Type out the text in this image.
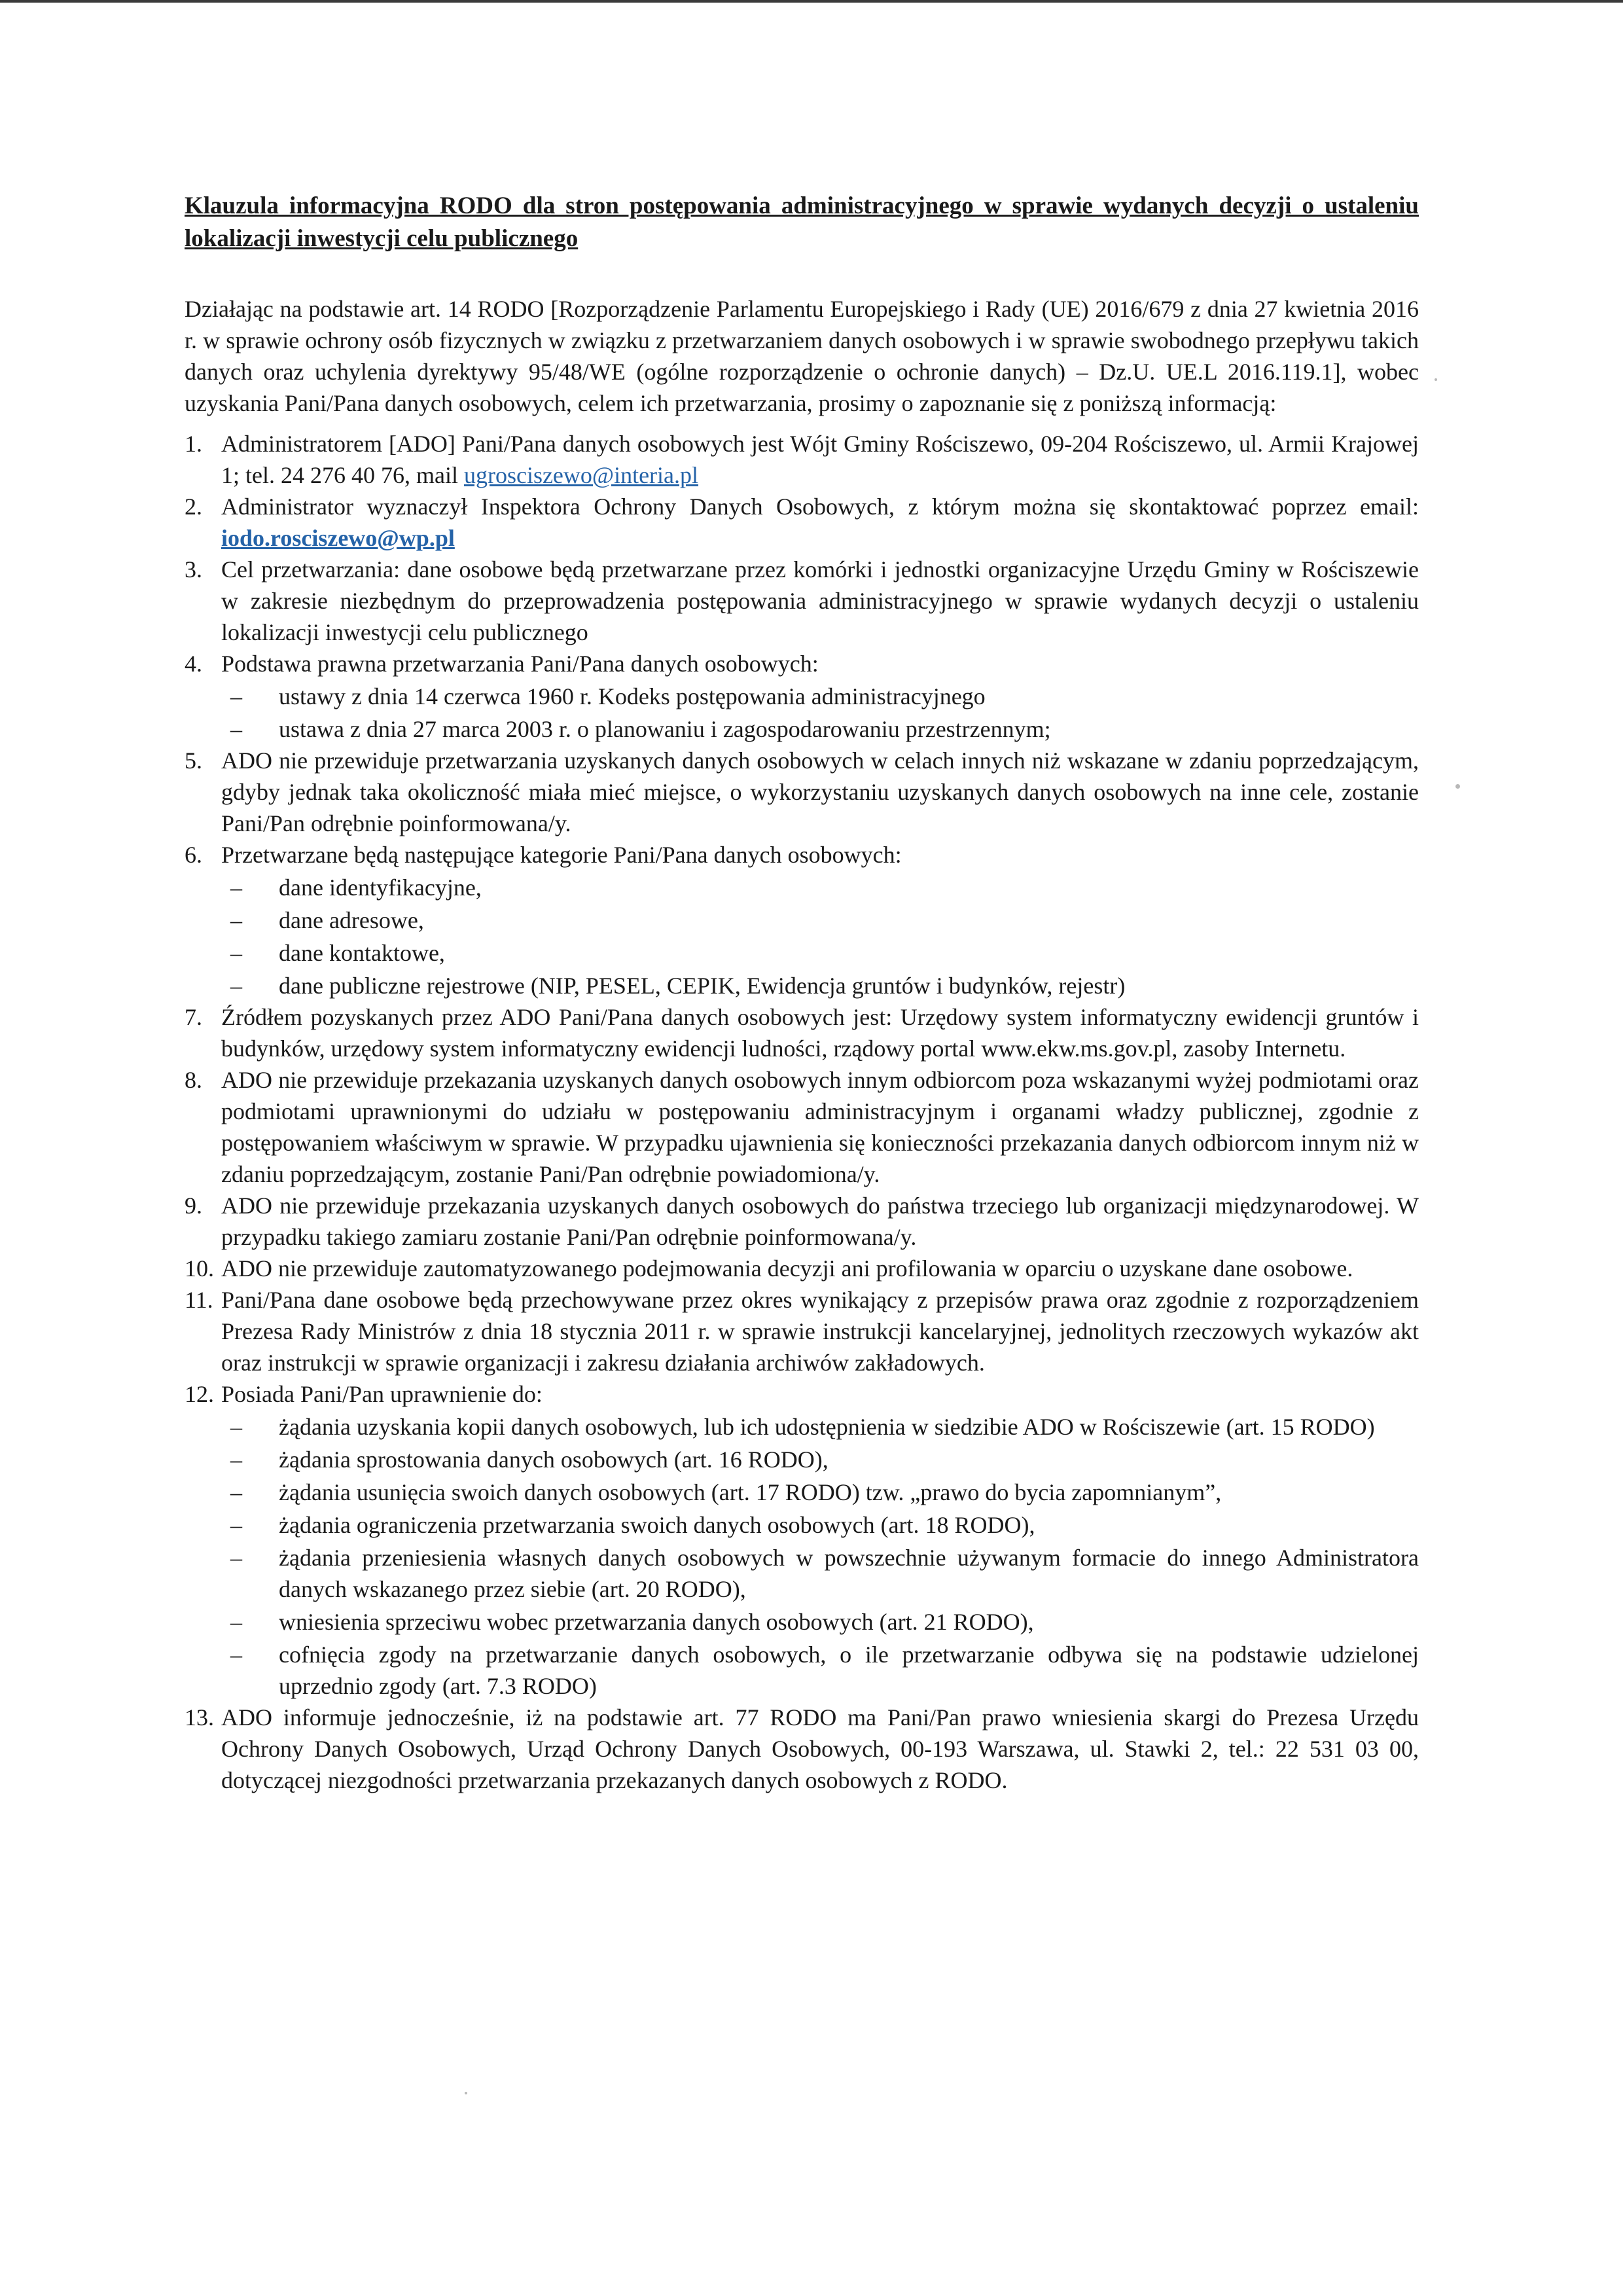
Klauzula informacyjna RODO dla stron postępowania administracyjnego w sprawie wydanych decyzji o ustaleniu lokalizacji inwestycji celu publicznego

Działając na podstawie art. 14 RODO [Rozporządzenie Parlamentu Europejskiego i Rady (UE) 2016/679 z dnia 27 kwietnia 2016 r. w sprawie ochrony osób fizycznych w związku z przetwarzaniem danych osobowych i w sprawie swobodnego przepływu takich danych oraz uchylenia dyrektywy 95/48/WE (ogólne rozporządzenie o ochronie danych) – Dz.U. UE.L 2016.119.1], wobec uzyskania Pani/Pana danych osobowych, celem ich przetwarzania, prosimy o zapoznanie się z poniższą informacją:

1. Administratorem [ADO] Pani/Pana danych osobowych jest Wójt Gminy Rościszewo, 09-204 Rościszewo, ul. Armii Krajowej 1; tel. 24 276 40 76, mail ugrosciszewo@interia.pl
2. Administrator wyznaczył Inspektora Ochrony Danych Osobowych, z którym można się skontaktować poprzez email: iodo.rosciszewo@wp.pl
3. Cel przetwarzania: dane osobowe będą przetwarzane przez komórki i jednostki organizacyjne Urzędu Gminy w Rościszewie w zakresie niezbędnym do przeprowadzenia postępowania administracyjnego w sprawie wydanych decyzji o ustaleniu lokalizacji inwestycji celu publicznego
4. Podstawa prawna przetwarzania Pani/Pana danych osobowych:
– ustawy z dnia 14 czerwca 1960 r. Kodeks postępowania administracyjnego
– ustawa z dnia 27 marca 2003 r. o planowaniu i zagospodarowaniu przestrzennym;
5. ADO nie przewiduje przetwarzania uzyskanych danych osobowych w celach innych niż wskazane w zdaniu poprzedzającym, gdyby jednak taka okoliczność miała mieć miejsce, o wykorzystaniu uzyskanych danych osobowych na inne cele, zostanie Pani/Pan odrębnie poinformowana/y.
6. Przetwarzane będą następujące kategorie Pani/Pana danych osobowych:
– dane identyfikacyjne,
– dane adresowe,
– dane kontaktowe,
– dane publiczne rejestrowe (NIP, PESEL, CEPIK, Ewidencja gruntów i budynków, rejestr)
7. Źródłem pozyskanych przez ADO Pani/Pana danych osobowych jest: Urzędowy system informatyczny ewidencji gruntów i budynków, urzędowy system informatyczny ewidencji ludności, rządowy portal www.ekw.ms.gov.pl, zasoby Internetu.
8. ADO nie przewiduje przekazania uzyskanych danych osobowych innym odbiorcom poza wskazanymi wyżej podmiotami oraz podmiotami uprawnionymi do udziału w postępowaniu administracyjnym i organami władzy publicznej, zgodnie z postępowaniem właściwym w sprawie. W przypadku ujawnienia się konieczności przekazania danych odbiorcom innym niż w zdaniu poprzedzającym, zostanie Pani/Pan odrębnie powiadomiona/y.
9. ADO nie przewiduje przekazania uzyskanych danych osobowych do państwa trzeciego lub organizacji międzynarodowej. W przypadku takiego zamiaru zostanie Pani/Pan odrębnie poinformowana/y.
10. ADO nie przewiduje zautomatyzowanego podejmowania decyzji ani profilowania w oparciu o uzyskane dane osobowe.
11. Pani/Pana dane osobowe będą przechowywane przez okres wynikający z przepisów prawa oraz zgodnie z rozporządzeniem Prezesa Rady Ministrów z dnia 18 stycznia 2011 r. w sprawie instrukcji kancelaryjnej, jednolitych rzeczowych wykazów akt oraz instrukcji w sprawie organizacji i zakresu działania archiwów zakładowych.
12. Posiada Pani/Pan uprawnienie do:
– żądania uzyskania kopii danych osobowych, lub ich udostępnienia w siedzibie ADO w Rościszewie (art. 15 RODO)
– żądania sprostowania danych osobowych (art. 16 RODO),
– żądania usunięcia swoich danych osobowych (art. 17 RODO) tzw. „prawo do bycia zapomnianym”,
– żądania ograniczenia przetwarzania swoich danych osobowych (art. 18 RODO),
– żądania przeniesienia własnych danych osobowych w powszechnie używanym formacie do innego Administratora danych wskazanego przez siebie (art. 20 RODO),
– wniesienia sprzeciwu wobec przetwarzania danych osobowych (art. 21 RODO),
– cofnięcia zgody na przetwarzanie danych osobowych, o ile przetwarzanie odbywa się na podstawie udzielonej uprzednio zgody (art. 7.3 RODO)
13. ADO informuje jednocześnie, iż na podstawie art. 77 RODO ma Pani/Pan prawo wniesienia skargi do Prezesa Urzędu Ochrony Danych Osobowych, Urząd Ochrony Danych Osobowych, 00-193 Warszawa, ul. Stawki 2, tel.: 22 531 03 00, dotyczącej niezgodności przetwarzania przekazanych danych osobowych z RODO.
